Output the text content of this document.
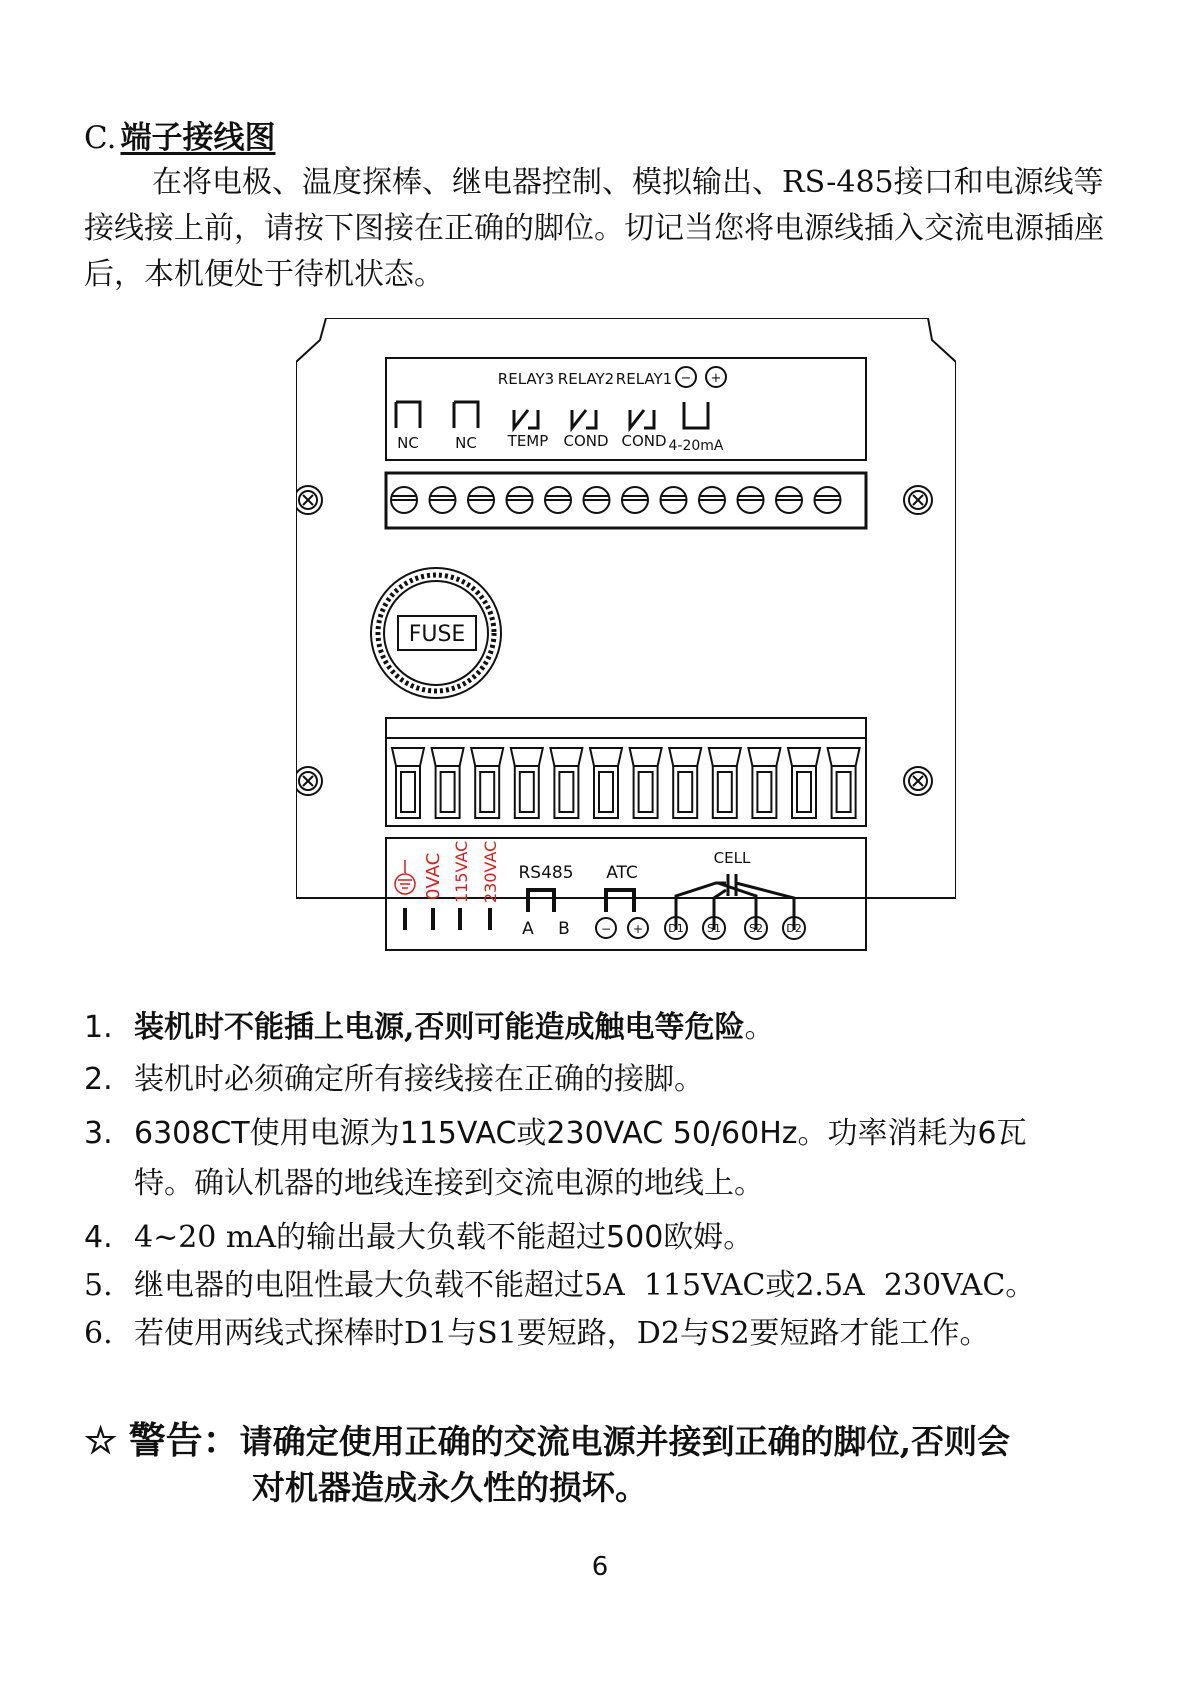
C. 端子接线图

在将电极、温度探棒、继电器控制、模拟输出、RS-485接口和电源线等接线接上前，请按下图接在正确的脚位。切记当您将电源线插入交流电源插座后，本机便处于待机状态。

RELAY3 RELAY2 RELAY1 − +
NC NC TEMP COND COND 4-20mA
FUSE
0VAC 115VAC 230VAC RS485 ATC
CELL
A B	− + D1 S1	S2 D2
1. 装机时不能插上电源,否则可能造成触电等危险。
2. 装机时必须确定所有接线接在正确的接脚。
3. 6308CT使用电源为115VAC或230VAC 50/60Hz。功率消耗为6瓦
特。确认机器的地线连接到交流电源的地线上。
4. 4~20 mA的输出最大负载不能超过500欧姆。
5. 继电器的电阻性最大负载不能超过5A  115VAC或2.5A  230VAC。
6. 若使用两线式探棒时D1与S1要短路，D2与S2要短路才能工作。
☆ 警告：请确定使用正确的交流电源并接到正确的脚位,否则会
对机器造成永久性的损坏。
6
